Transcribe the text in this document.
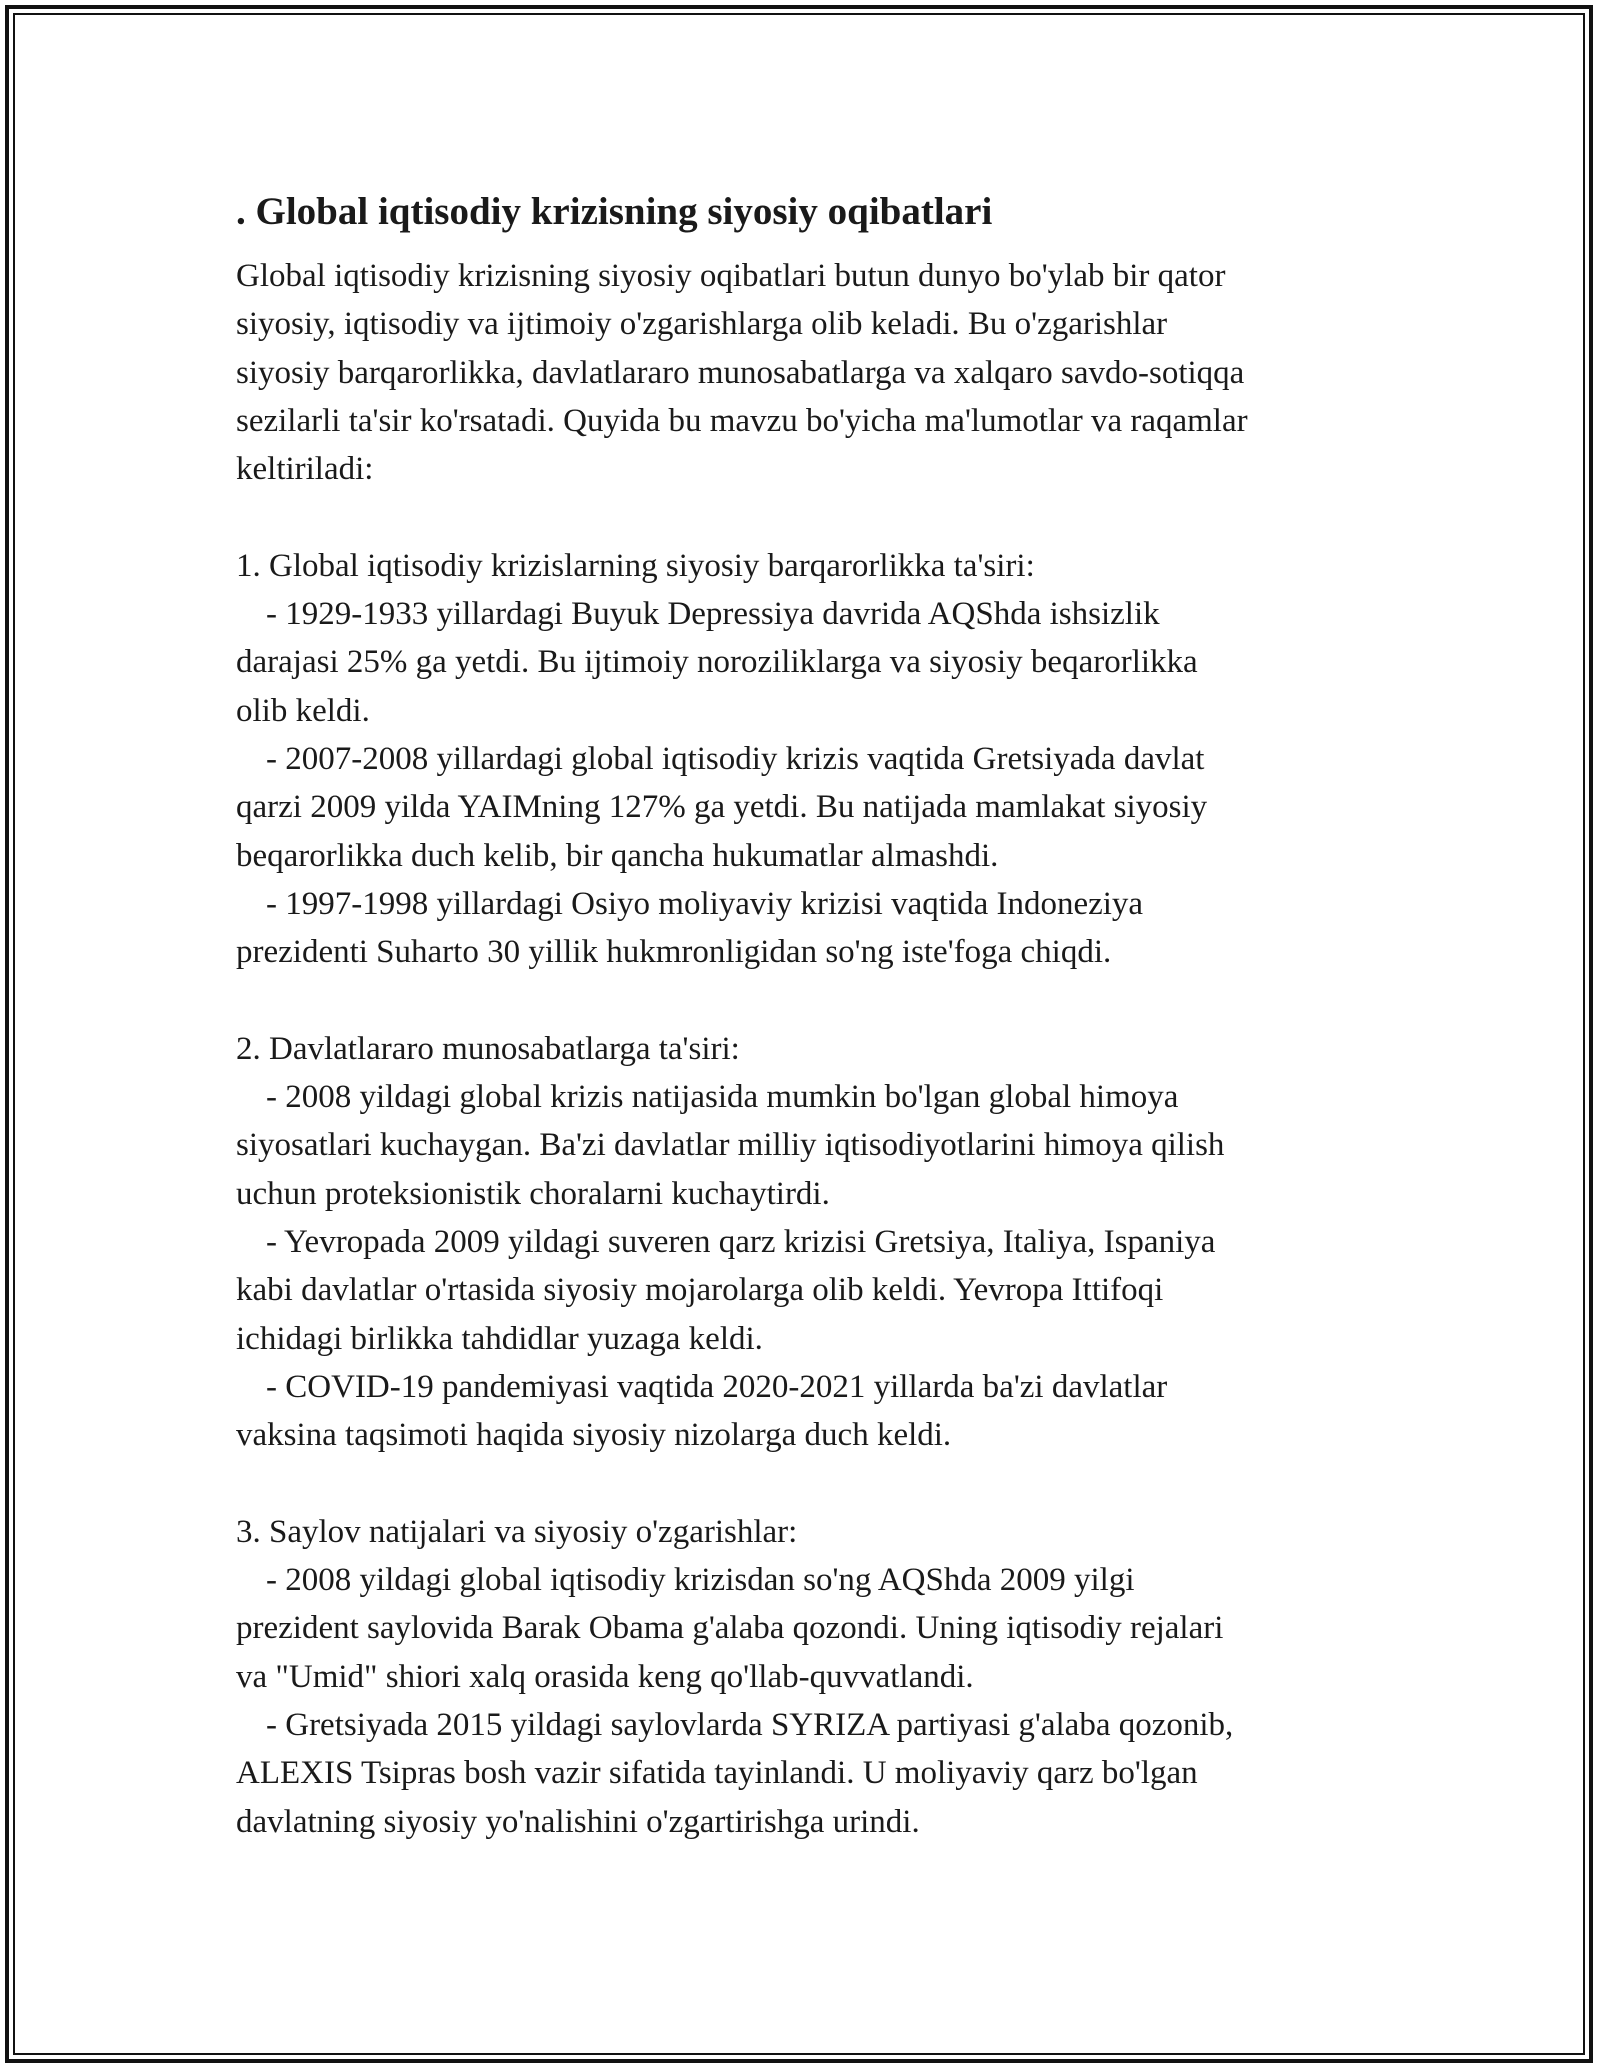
. Global iqtisodiy krizisning siyosiy oqibatlari
Global iqtisodiy krizisning siyosiy oqibatlari butun dunyo bo'ylab bir qator
siyosiy, iqtisodiy va ijtimoiy o'zgarishlarga olib keladi. Bu o'zgarishlar
siyosiy barqarorlikka, davlatlararo munosabatlarga va xalqaro savdo-sotiqqa
sezilarli ta'sir ko'rsatadi. Quyida bu mavzu bo'yicha ma'lumotlar va raqamlar
keltiriladi:
1. Global iqtisodiy krizislarning siyosiy barqarorlikka ta'siri:
- 1929-1933 yillardagi Buyuk Depressiya davrida AQShda ishsizlik
darajasi 25% ga yetdi. Bu ijtimoiy noroziliklarga va siyosiy beqarorlikka
olib keldi.
- 2007-2008 yillardagi global iqtisodiy krizis vaqtida Gretsiyada davlat
qarzi 2009 yilda YAIMning 127% ga yetdi. Bu natijada mamlakat siyosiy
beqarorlikka duch kelib, bir qancha hukumatlar almashdi.
- 1997-1998 yillardagi Osiyo moliyaviy krizisi vaqtida Indoneziya
prezidenti Suharto 30 yillik hukmronligidan so'ng iste'foga chiqdi.
2. Davlatlararo munosabatlarga ta'siri:
- 2008 yildagi global krizis natijasida mumkin bo'lgan global himoya
siyosatlari kuchaygan. Ba'zi davlatlar milliy iqtisodiyotlarini himoya qilish
uchun proteksionistik choralarni kuchaytirdi.
- Yevropada 2009 yildagi suveren qarz krizisi Gretsiya, Italiya, Ispaniya
kabi davlatlar o'rtasida siyosiy mojarolarga olib keldi. Yevropa Ittifoqi
ichidagi birlikka tahdidlar yuzaga keldi.
- COVID-19 pandemiyasi vaqtida 2020-2021 yillarda ba'zi davlatlar
vaksina taqsimoti haqida siyosiy nizolarga duch keldi.
3. Saylov natijalari va siyosiy o'zgarishlar:
- 2008 yildagi global iqtisodiy krizisdan so'ng AQShda 2009 yilgi
prezident saylovida Barak Obama g'alaba qozondi. Uning iqtisodiy rejalari
va "Umid" shiori xalq orasida keng qo'llab-quvvatlandi.
- Gretsiyada 2015 yildagi saylovlarda SYRIZA partiyasi g'alaba qozonib,
ALEXIS Tsipras bosh vazir sifatida tayinlandi. U moliyaviy qarz bo'lgan
davlatning siyosiy yo'nalishini o'zgartirishga urindi.
